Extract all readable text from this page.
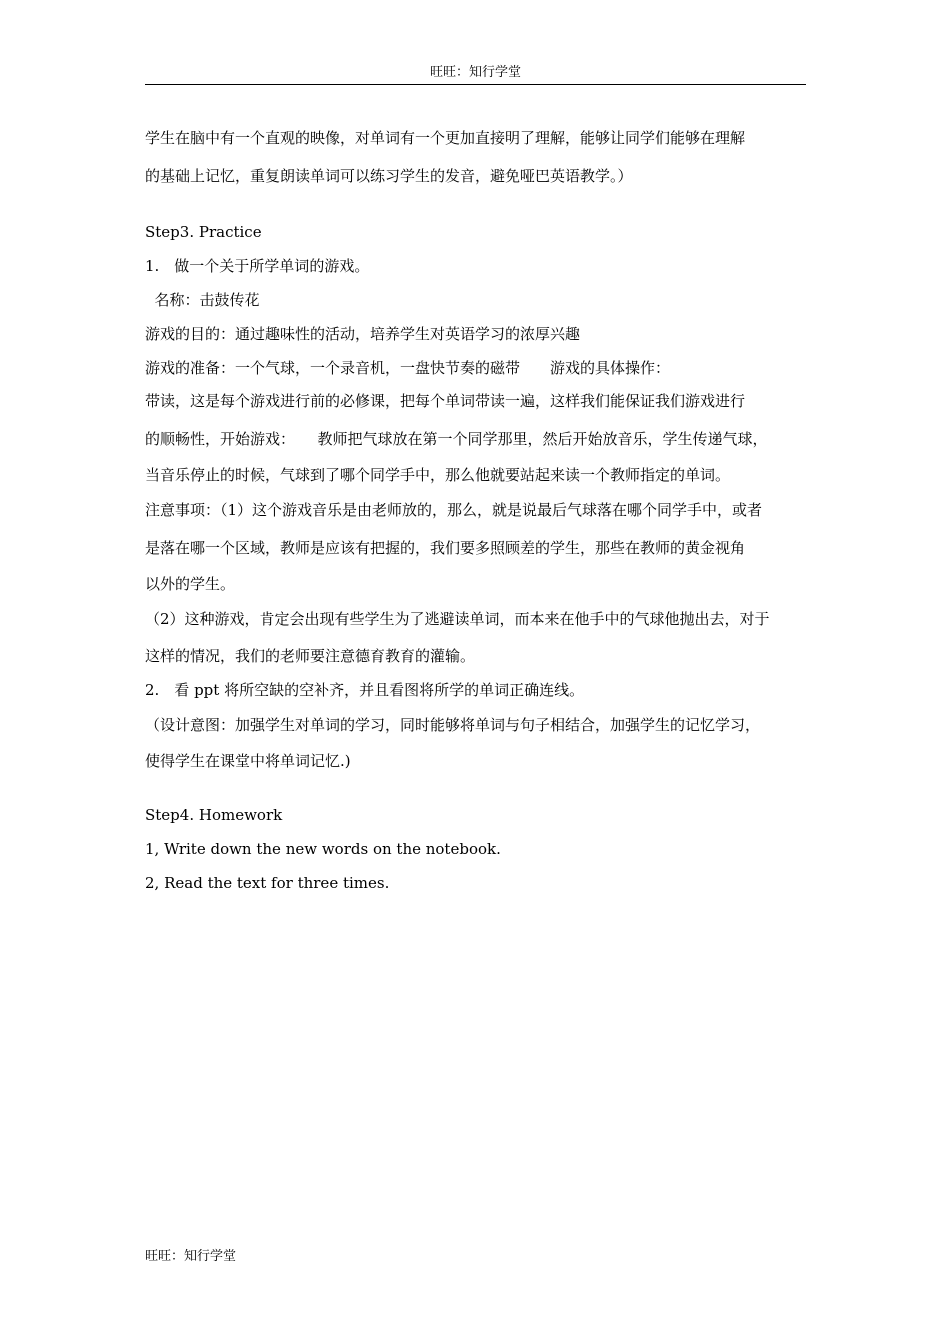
旺旺：知行学堂
学生在脑中有一个直观的映像，对单词有一个更加直接明了理解，能够让同学们能够在理解
的基础上记忆，重复朗读单词可以练习学生的发音，避免哑巴英语教学。）
Step3. Practice
1.　做一个关于所学单词的游戏。
名称：击鼓传花
游戏的目的：通过趣味性的活动，培养学生对英语学习的浓厚兴趣
游戏的准备：一个气球，一个录音机，一盘快节奏的磁带　　游戏的具体操作：
带读，这是每个游戏进行前的必修课，把每个单词带读一遍，这样我们能保证我们游戏进行
的顺畅性，开始游戏：　　教师把气球放在第一个同学那里，然后开始放音乐，学生传递气球，
当音乐停止的时候，气球到了哪个同学手中，那么他就要站起来读一个教师指定的单词。
注意事项：（1）这个游戏音乐是由老师放的，那么，就是说最后气球落在哪个同学手中，或者
是落在哪一个区域，教师是应该有把握的，我们要多照顾差的学生，那些在教师的黄金视角
以外的学生。
（2）这种游戏，肯定会出现有些学生为了逃避读单词，而本来在他手中的气球他抛出去，对于
这样的情况，我们的老师要注意德育教育的灌输。
2.　看 ppt 将所空缺的空补齐，并且看图将所学的单词正确连线。
（设计意图：加强学生对单词的学习，同时能够将单词与句子相结合，加强学生的记忆学习，
使得学生在课堂中将单词记忆.)
Step4. Homework
1, Write down the new words on the notebook.
2, Read the text for three times.
旺旺：知行学堂
